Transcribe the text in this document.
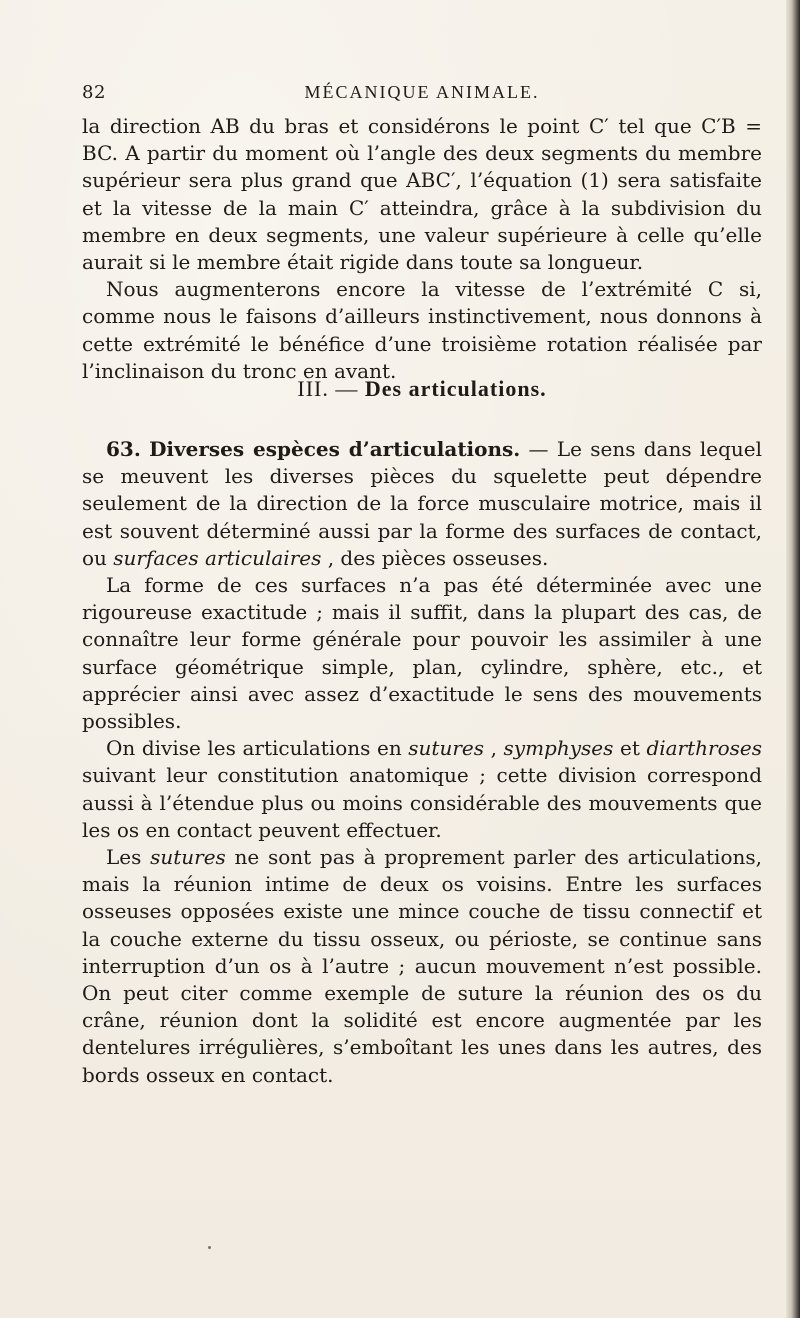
82	MÉCANIQUE ANIMALE.

la direction AB du bras et considérons le point C′ tel que C′B = BC. A partir du moment où l’angle des deux segments du membre supérieur sera plus grand que ABC′, l’équation (1) sera satisfaite et la vitesse de la main C′ atteindra, grâce à la subdivision du membre en deux segments, une valeur supérieure à celle qu’elle aurait si le membre était rigide dans toute sa longueur.

Nous augmenterons encore la vitesse de l’extrémité C si, comme nous le faisons d’ailleurs instinctivement, nous donnons à cette extrémité le bénéfice d’une troisième rotation réalisée par l’inclinaison du tronc en avant.

III. — Des articulations.

63. Diverses espèces d’articulations. — Le sens dans lequel se meuvent les diverses pièces du squelette peut dépendre seulement de la direction de la force musculaire motrice, mais il est souvent déterminé aussi par la forme des surfaces de contact, ou surfaces articulaires , des pièces osseuses.

La forme de ces surfaces n’a pas été déterminée avec une rigoureuse exactitude ; mais il suffit, dans la plupart des cas, de connaître leur forme générale pour pouvoir les assimiler à une surface géométrique simple, plan, cylindre, sphère, etc., et apprécier ainsi avec assez d’exactitude le sens des mouvements possibles.

On divise les articulations en sutures , symphyses et diarthroses suivant leur constitution anatomique ; cette division correspond aussi à l’étendue plus ou moins considérable des mouvements que les os en contact peuvent effectuer.

Les sutures ne sont pas à proprement parler des articulations, mais la réunion intime de deux os voisins. Entre les surfaces osseuses opposées existe une mince couche de tissu connectif et la couche externe du tissu osseux, ou périoste, se continue sans interruption d’un os à l’autre ; aucun mouvement n’est possible. On peut citer comme exemple de suture la réunion des os du crâne, réunion dont la solidité est encore augmentée par les dentelures irrégulières, s’emboîtant les unes dans les autres, des bords osseux en contact.
